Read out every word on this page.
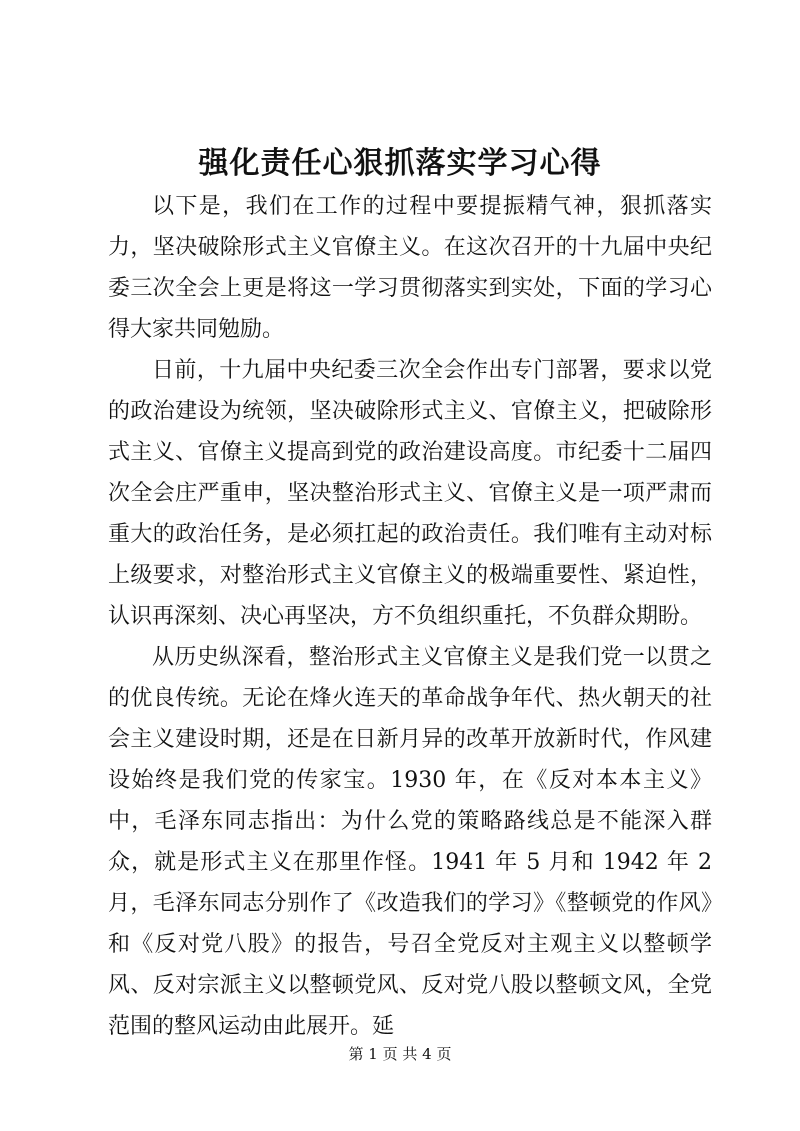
强化责任心狠抓落实学习心得

以下是，我们在工作的过程中要提振精气神，狠抓落实力，坚决破除形式主义官僚主义。在这次召开的十九届中央纪委三次全会上更是将这一学习贯彻落实到实处，下面的学习心得大家共同勉励。

日前，十九届中央纪委三次全会作出专门部署，要求以党的政治建设为统领，坚决破除形式主义、官僚主义，把破除形式主义、官僚主义提高到党的政治建设高度。市纪委十二届四次全会庄严重申，坚决整治形式主义、官僚主义是一项严肃而重大的政治任务，是必须扛起的政治责任。我们唯有主动对标上级要求，对整治形式主义官僚主义的极端重要性、紧迫性，认识再深刻、决心再坚决，方不负组织重托，不负群众期盼。

从历史纵深看，整治形式主义官僚主义是我们党一以贯之的优良传统。无论在烽火连天的革命战争年代、热火朝天的社会主义建设时期，还是在日新月异的改革开放新时代，作风建设始终是我们党的传家宝。1930 年，在《反对本本主义》中，毛泽东同志指出：为什么党的策略路线总是不能深入群众，就是形式主义在那里作怪。1941 年 5 月和 1942 年 2 月，毛泽东同志分别作了《改造我们的学习》《整顿党的作风》和《反对党八股》的报告，号召全党反对主观主义以整顿学风、反对宗派主义以整顿党风、反对党八股以整顿文风，全党范围的整风运动由此展开。延

第 1 页 共 4 页
